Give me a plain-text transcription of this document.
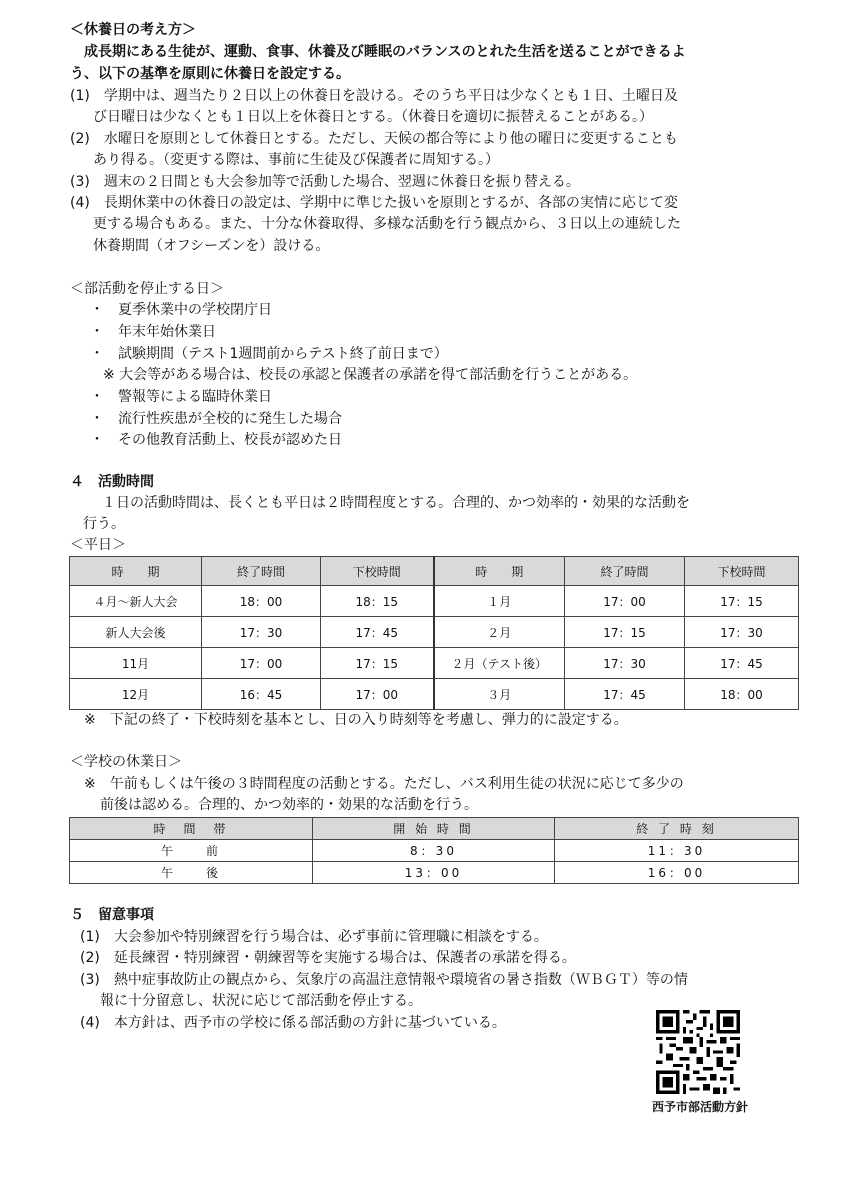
＜休養日の考え方＞
　成長期にある生徒が、運動、食事、休養及び睡眠のバランスのとれた生活を送ることができるよ
う、以下の基準を原則に休養日を設定する。
(1)　学期中は、週当たり２日以上の休養日を設ける。そのうち平日は少なくとも１日、土曜日及
び日曜日は少なくとも１日以上を休養日とする。（休養日を適切に振替えることがある。）
(2)　水曜日を原則として休養日とする。ただし、天候の都合等により他の曜日に変更することも
あり得る。（変更する際は、事前に生徒及び保護者に周知する。）
(3)　週末の２日間とも大会参加等で活動した場合、翌週に休養日を振り替える。
(4)　長期休業中の休養日の設定は、学期中に準じた扱いを原則とするが、各部の実情に応じて変
更する場合もある。また、十分な休養取得、多様な活動を行う観点から、３日以上の連続した
休養期間（オフシーズンを）設ける。
＜部活動を停止する日＞
・　夏季休業中の学校閉庁日
・　年末年始休業日
・　試験期間（テスト1週間前からテスト終了前日まで）
※ 大会等がある場合は、校長の承認と保護者の承諾を得て部活動を行うことがある。
・　警報等による臨時休業日
・　流行性疾患が全校的に発生した場合
・　その他教育活動上、校長が認めた日
４　活動時間
１日の活動時間は、長くとも平日は２時間程度とする。合理的、かつ効率的・効果的な活動を
行う。
＜平日＞
時　　期	終了時間	下校時間	時　　期	終了時間	下校時間
４月～新人大会	18：00	18：15	１月	17：00	17：15
新人大会後	17：30	17：45	２月	17：15	17：30
11月	17：00	17：15	２月（テスト後）	17：30	17：45
12月	16：45	17：00	３月	17：45	18：00
※　下記の終了・下校時刻を基本とし、日の入り時刻等を考慮し、弾力的に設定する。
＜学校の休業日＞
※　午前もしくは午後の３時間程度の活動とする。ただし、バス利用生徒の状況に応じて多少の
前後は認める。合理的、かつ効率的・効果的な活動を行う。
時　間　帯	開 始 時 間	終 了 時 刻
午　　前	8：30	11：30
午　　後	13：00	16：00
５　留意事項
(1)　大会参加や特別練習を行う場合は、必ず事前に管理職に相談をする。
(2)　延長練習・特別練習・朝練習等を実施する場合は、保護者の承諾を得る。
(3)　熱中症事故防止の観点から、気象庁の高温注意情報や環境省の暑さ指数（ＷＢＧＴ）等の情
報に十分留意し、状況に応じて部活動を停止する。
(4)　本方針は、西予市の学校に係る部活動の方針に基づいている。
西予市部活動方針
